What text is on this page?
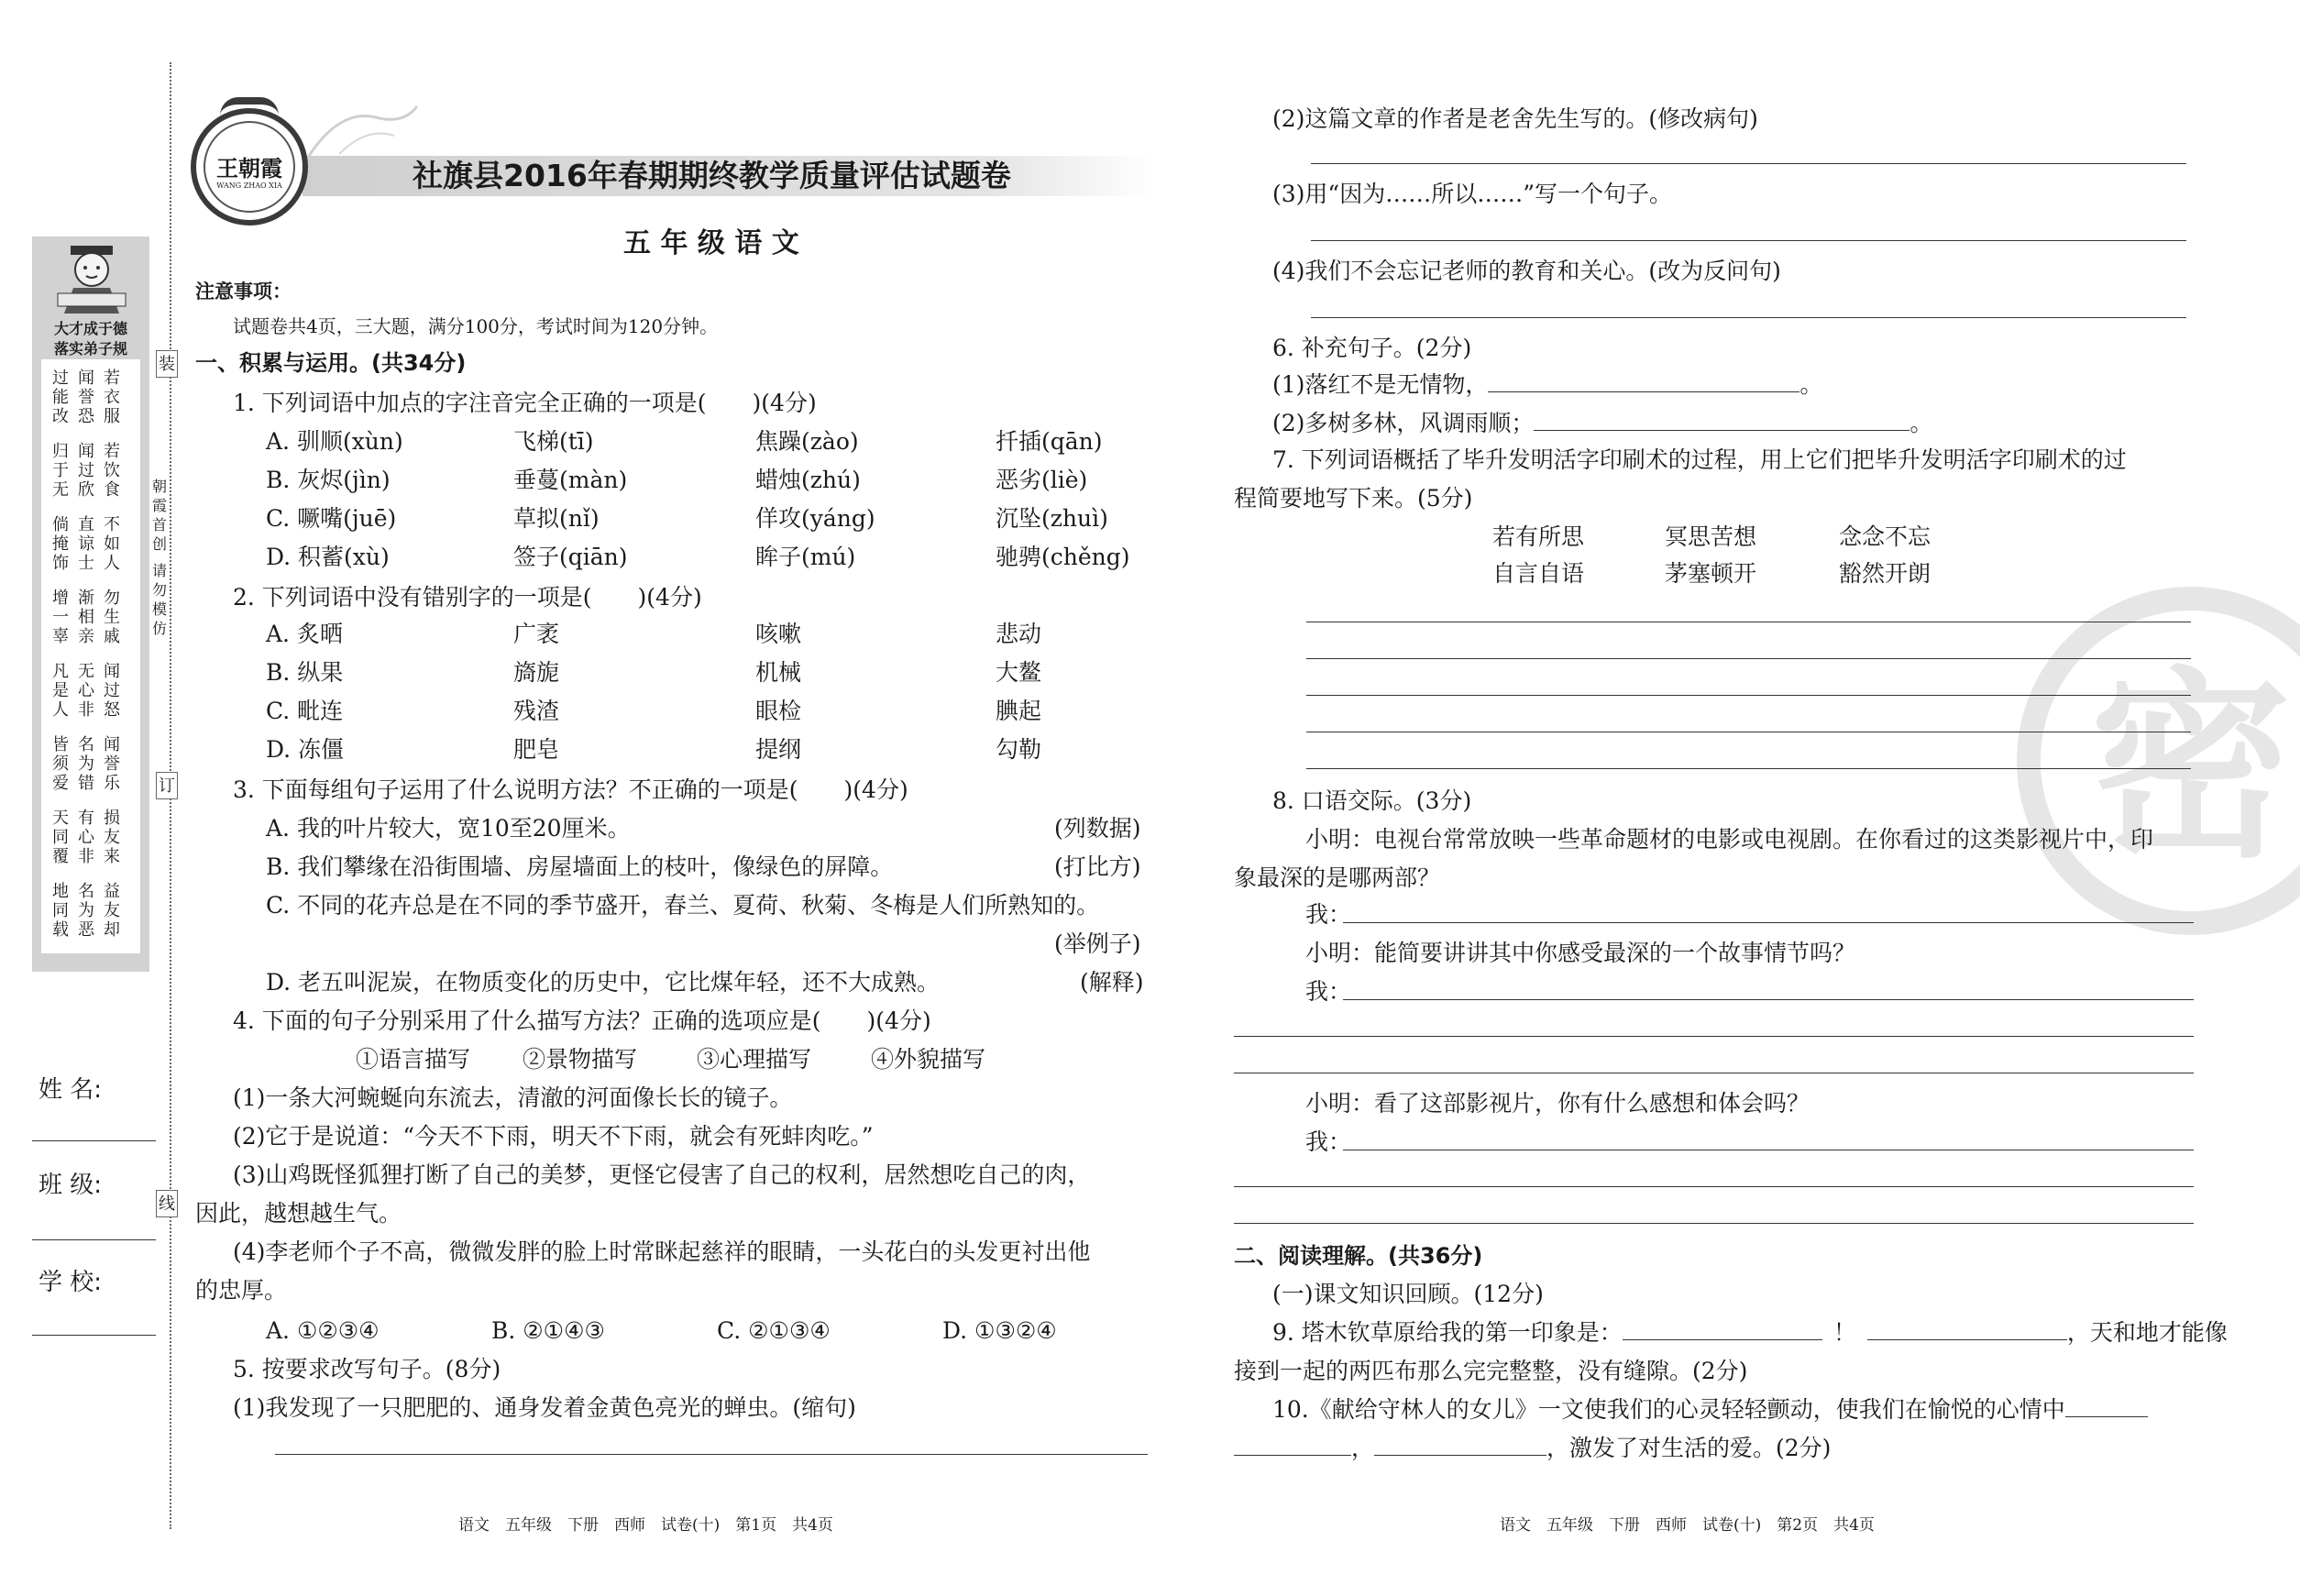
装
订
线
大才成于德
落实弟子规
过能改
闻誉恐
若衣服
归于无
闻过欣
若饮食
倘掩饰
直谅士
不如人
增一辜
渐相亲
勿生戚
凡是人
无心非
闻过怒
皆须爱
名为错
闻誉乐
天同覆
有心非
损友来
地同载
名为恶
益友却
朝霞首创
请勿模仿
姓 名:
班 级:
学 校:
王朝霞
WANG ZHAO XIA	社旗县2016年春期期终教学质量评估试题卷
五 年 级 语 文
注意事项：
试题卷共4页，三大题，满分100分，考试时间为120分钟。
一、积累与运用。(共34分)
1. 下列词语中加点的字注音完全正确的一项是(　　)(4分)
A. 驯顺(xùn)	飞梯(tī)	焦躁(zào)	扦插(qān)
B. 灰烬(jìn)	垂蔓(màn)	蜡烛(zhú)	恶劣(liè)
C. 噘嘴(juē)	草拟(nǐ)	佯攻(yáng)	沉坠(zhuì)
D. 积蓄(xù)	签子(qiān)	眸子(mú)	驰骋(chěng)
2. 下列词语中没有错别字的一项是(　　)(4分)
A. 炙晒	广袤	咳嗽	悲动
B. 纵果	旖旎	机械	大鳌
C. 毗连	残渣	眼检	腆起
D. 冻僵	肥皂	提纲	勾勒
3. 下面每组句子运用了什么说明方法？不正确的一项是(　　)(4分)
A. 我的叶片较大，宽10至20厘米。	(列数据)
B. 我们攀缘在沿街围墙、房屋墙面上的枝叶，像绿色的屏障。	(打比方)
C. 不同的花卉总是在不同的季节盛开，春兰、夏荷、秋菊、冬梅是人们所熟知的。
(举例子)
D. 老五叫泥炭，在物质变化的历史中，它比煤年轻，还不大成熟。	(解释)
4. 下面的句子分别采用了什么描写方法？正确的选项应是(　　)(4分)
①语言描写 ②景物描写	③心理描写	④外貌描写
(1)一条大河蜿蜒向东流去，清澈的河面像长长的镜子。
(2)它于是说道：“今天不下雨，明天不下雨，就会有死蚌肉吃。”
(3)山鸡既怪狐狸打断了自己的美梦，更怪它侵害了自己的权利，居然想吃自己的肉，
因此，越想越生气。
(4)李老师个子不高，微微发胖的脸上时常眯起慈祥的眼睛，一头花白的头发更衬出他
的忠厚。
A. ①②③④	B. ②①④③	C. ②①③④	D. ①③②④
5. 按要求改写句子。(8分)
(1)我发现了一只肥肥的、通身发着金黄色亮光的蝉虫。(缩句)
语文　五年级　下册　西师　试卷(十)　第1页　共4页
密
(2)这篇文章的作者是老舍先生写的。(修改病句)
(3)用“因为……所以……”写一个句子。
(4)我们不会忘记老师的教育和关心。(改为反问句)
6. 补充句子。(2分)
(1)落红不是无情物，	。
(2)多树多林，风调雨顺；	。
7. 下列词语概括了毕升发明活字印刷术的过程，用上它们把毕升发明活字印刷术的过
程简要地写下来。(5分)
若有所思	冥思苦想	念念不忘
自言自语	茅塞顿开	豁然开朗
8. 口语交际。(3分)
小明：电视台常常放映一些革命题材的电影或电视剧。在你看过的这类影视片中，印
象最深的是哪两部？
我：
小明：能简要讲讲其中你感受最深的一个故事情节吗？
我：
小明：看了这部影视片，你有什么感想和体会吗？
我：
二、阅读理解。(共36分)
(一)课文知识回顾。(12分)
9. 塔木钦草原给我的第一印象是：	！	，天和地才能像
接到一起的两匹布那么完完整整，没有缝隙。(2分)
10.《献给守林人的女儿》一文使我们的心灵轻轻颤动，使我们在愉悦的心情中
，	，激发了对生活的爱。(2分)
语文　五年级　下册　西师　试卷(十)　第2页　共4页
